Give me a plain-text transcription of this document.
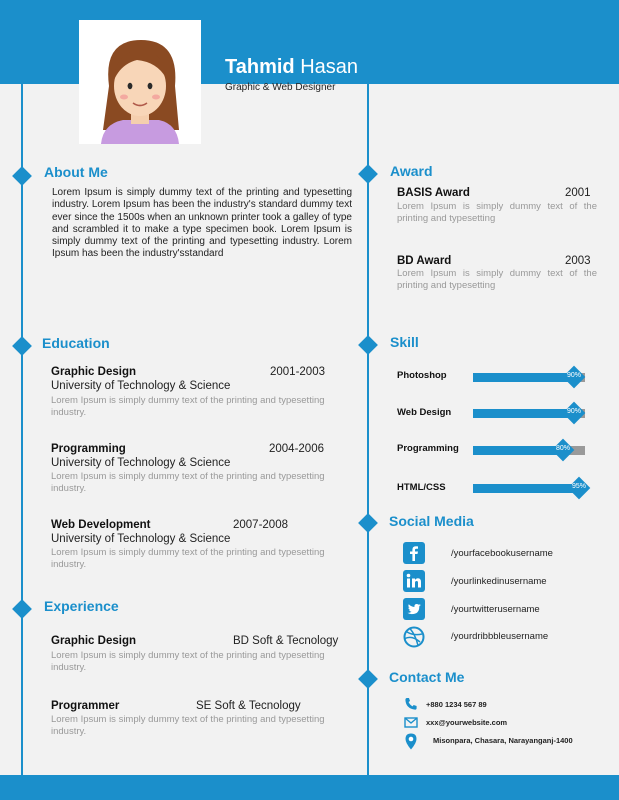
Tahmid Hasan
Graphic & Web Designer
About Me
Lorem Ipsum is simply dummy text of the printing and typesetting industry. Lorem Ipsum has been the industry's standard dummy text ever since the 1500s when an unknown printer took a galley of type and scrambled it to make a type specimen book. Lorem Ipsum is simply dummy text of the printing and typesetting industry. Lorem Ipsum has been the industry'sstandard
Education
Graphic Design	2001-2003
University of Technology & Science
Lorem Ipsum is simply dummy text of the printing and typesetting industry.
Programming	2004-2006
University of Technology & Science
Lorem Ipsum is simply dummy text of the printing and typesetting industry.
Web Development	2007-2008
University of Technology & Science
Lorem Ipsum is simply dummy text of the printing and typesetting industry.
Experience
Graphic Design	BD Soft & Tecnology
Lorem Ipsum is simply dummy text of the printing and typesetting industry.
Programmer	SE Soft & Tecnology
Lorem Ipsum is simply dummy text of the printing and typesetting industry.
Award
BASIS Award	2001
Lorem Ipsum is simply dummy text of the printing and typesetting
BD Award	2003
Lorem Ipsum is simply dummy text of the printing and typesetting
Skill
Photoshop	90%
Web Design	90%
Programming	80%
HTML/CSS	95%
Social Media
/yourfacebookusername
/yourlinkedinusername
/yourtwitterusername
/yourdribbbleusername
Contact Me
+880 1234 567 89
xxx@yourwebsite.com
Misonpara, Chasara, Narayanganj-1400
